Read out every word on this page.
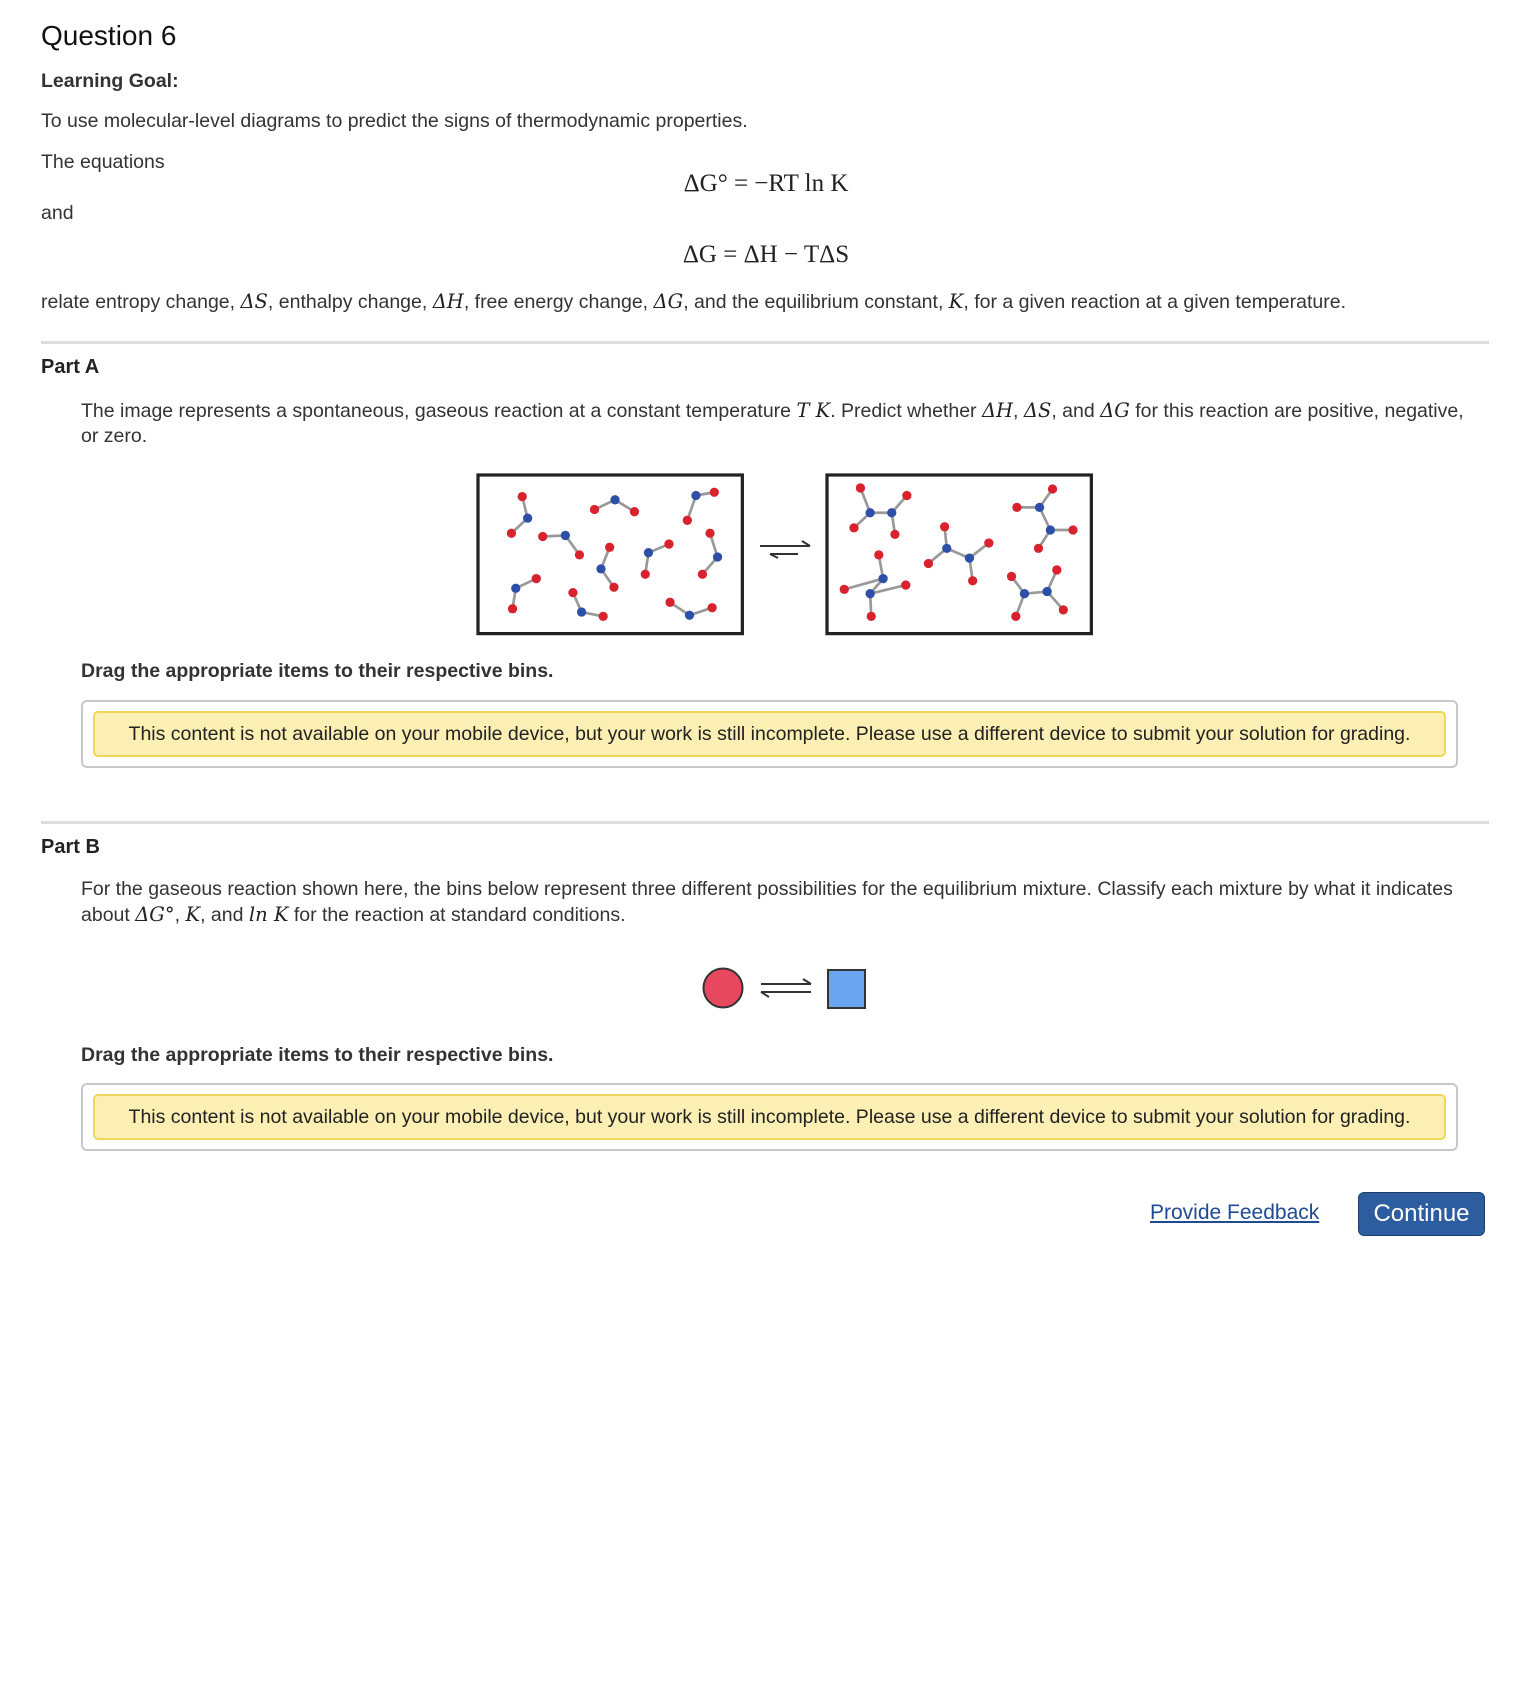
Question 6
Learning Goal:
To use molecular-level diagrams to predict the signs of thermodynamic properties.
The equations
ΔG° = −RT ln K
and
ΔG = ΔH − TΔS
relate entropy change, ΔS, enthalpy change, ΔH, free energy change, ΔG, and the equilibrium constant, K, for a given reaction at a given temperature.
Part A
The image represents a spontaneous, gaseous reaction at a constant temperature T K. Predict whether ΔH, ΔS, and ΔG for this reaction are positive, negative, or zero.
Drag the appropriate items to their respective bins.
This content is not available on your mobile device, but your work is still incomplete. Please use a different device to submit your solution for grading.
Part B
For the gaseous reaction shown here, the bins below represent three different possibilities for the equilibrium mixture. Classify each mixture by what it indicates about ΔG°, K, and ln K for the reaction at standard conditions.
Drag the appropriate items to their respective bins.
This content is not available on your mobile device, but your work is still incomplete. Please use a different device to submit your solution for grading.
Provide Feedback	Continue
